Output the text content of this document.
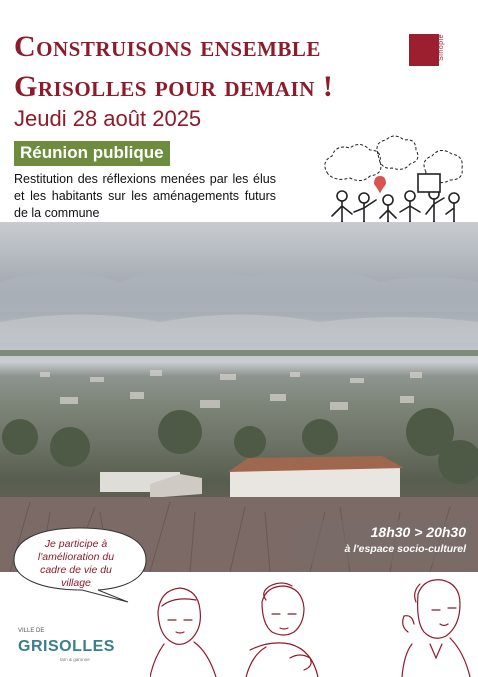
Construisons ensemble
Grisolles pour demain !
Jeudi 28 août 2025
Sinople
Réunion publique
Restitution des réflexions menées par les élus et les habitants sur les aménagements futurs de la commune
18h30 > 20h30
à l'espace socio-culturel
Je participe à l'amélioration du cadre de vie du village
VILLE DE
GRISOLLES
tarn & garonne
